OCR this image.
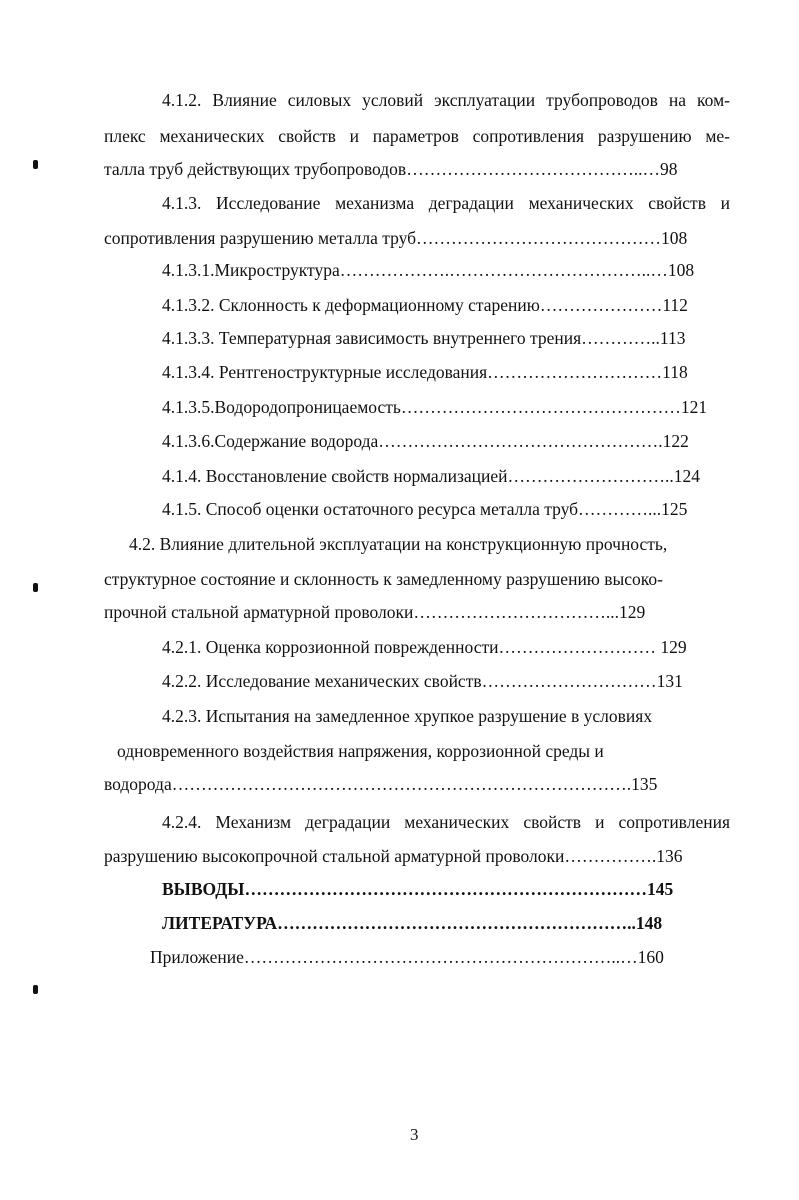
4.1.2. Влияние силовых условий эксплуатации трубопроводов на ком-
плекс механических свойств и параметров сопротивления разрушению ме-
талла труб действующих трубопроводов…………………………………..…98
4.1.3. Исследование механизма деградации механических свойств и
сопротивления разрушению металла труб……………………………………108
4.1.3.1.Микроструктура……………….……………………………..…108
4.1.3.2. Склонность к деформационному старению…………………112
4.1.3.3. Температурная зависимость внутреннего трения…………..113
4.1.3.4. Рентгеноструктурные исследования…………………………118
4.1.3.5.Водородопроницаемость…………………………………………121
4.1.3.6.Содержание водорода………………………………………….122
4.1.4. Восстановление свойств нормализацией………………………..124
4.1.5. Способ оценки остаточного ресурса металла труб…………...125
4.2. Влияние длительной эксплуатации на конструкционную прочность,
структурное состояние и склонность к замедленному разрушению высоко-
прочной стальной арматурной проволоки……………………………...129
4.2.1. Оценка коррозионной поврежденности……………………… 129
4.2.2. Исследование механических свойств…………………………131
4.2.3. Испытания на замедленное хрупкое разрушение в условиях
одновременного воздействия напряжения, коррозионной среды и
водорода…………………………………………………………………….135
4.2.4. Механизм деградации механических свойств и сопротивления
разрушению высокопрочной стальной арматурной проволоки…………….136
ВЫВОДЫ……………………………………………………………145
ЛИТЕРАТУРА……………………………………………………..148
Приложение………………………………………………………..…160
3
